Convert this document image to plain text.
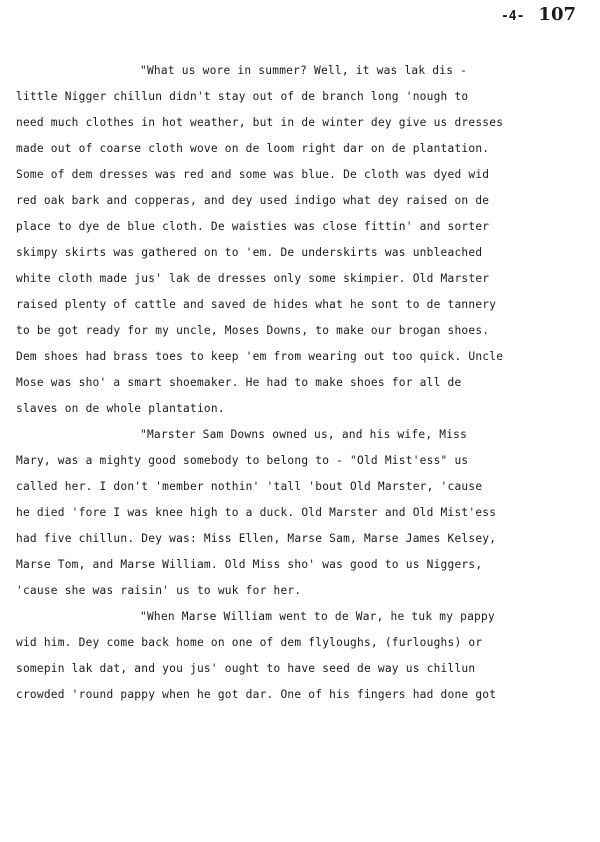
-4- 107
"What us wore in summer? Well, it was lak dis -
little Nigger chillun didn't stay out of de branch long 'nough to
need much clothes in hot weather, but in de winter dey give us dresses
made out of coarse cloth wove on de loom right dar on de plantation.
Some of dem dresses was red and some was blue. De cloth was dyed wid
red oak bark and copperas, and dey used indigo what dey raised on de
place to dye de blue cloth. De waisties was close fittin' and sorter
skimpy skirts was gathered on to 'em. De underskirts was unbleached
white cloth made jus' lak de dresses only some skimpier. Old Marster
raised plenty of cattle and saved de hides what he sont to de tannery
to be got ready for my uncle, Moses Downs, to make our brogan shoes.
Dem shoes had brass toes to keep 'em from wearing out too quick. Uncle
Mose was sho' a smart shoemaker. He had to make shoes for all de
slaves on de whole plantation.
"Marster Sam Downs owned us, and his wife, Miss
Mary, was a mighty good somebody to belong to - "Old Mist'ess" us
called her. I don't 'member nothin' 'tall 'bout Old Marster, 'cause
he died 'fore I was knee high to a duck. Old Marster and Old Mist'ess
had five chillun. Dey was: Miss Ellen, Marse Sam, Marse James Kelsey,
Marse Tom, and Marse William. Old Miss sho' was good to us Niggers,
'cause she was raisin' us to wuk for her.
"When Marse William went to de War, he tuk my pappy
wid him. Dey come back home on one of dem flyloughs, (furloughs) or
somepin lak dat, and you jus' ought to have seed de way us chillun
crowded 'round pappy when he got dar. One of his fingers had done got
